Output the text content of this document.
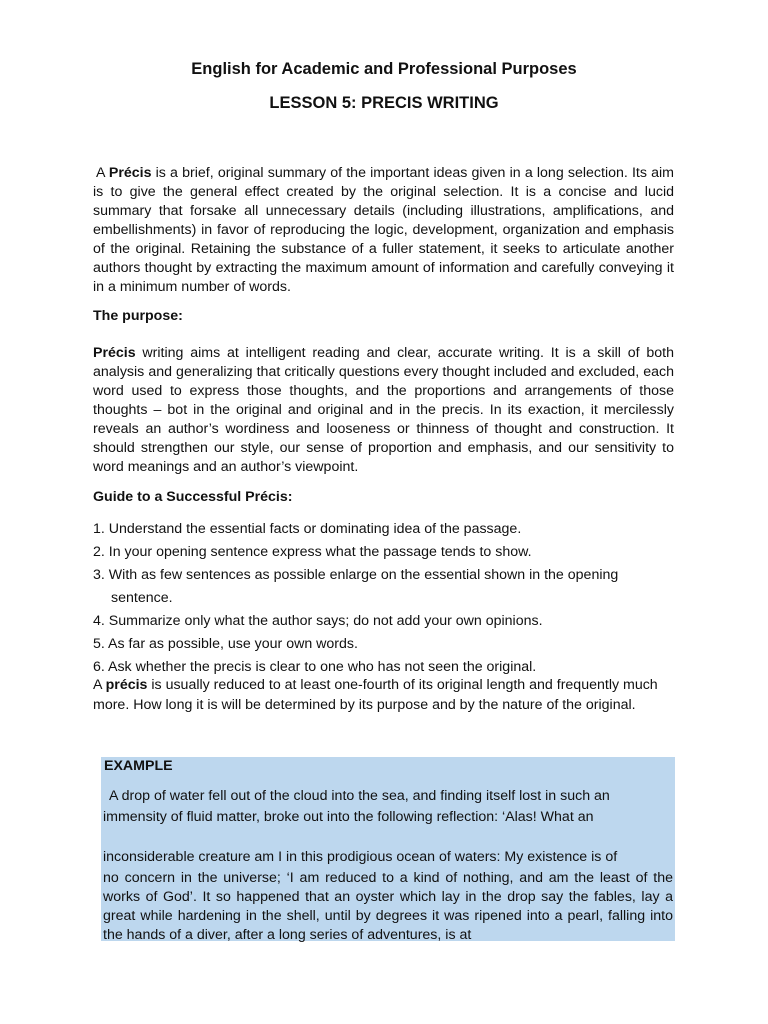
English for Academic and Professional Purposes
LESSON 5: PRECIS WRITING

A Précis is a brief, original summary of the important ideas given in a long selection. Its aim is to give the general effect created by the original selection. It is a concise and lucid summary that forsake all unnecessary details (including illustrations, amplifications, and embellishments) in favor of reproducing the logic, development, organization and emphasis of the original. Retaining the substance of a fuller statement, it seeks to articulate another authors thought by extracting the maximum amount of information and carefully conveying it in a minimum number of words.

The purpose:

Précis writing aims at intelligent reading and clear, accurate writing. It is a skill of both analysis and generalizing that critically questions every thought included and excluded, each word used to express those thoughts, and the proportions and arrangements of those thoughts – bot in the original and original and in the precis. In its exaction, it mercilessly reveals an author’s wordiness and looseness or thinness of thought and construction. It should strengthen our style, our sense of proportion and emphasis, and our sensitivity to word meanings and an author’s viewpoint.

Guide to a Successful Précis:

1. Understand the essential facts or dominating idea of the passage.
2. In your opening sentence express what the passage tends to show.
3. With as few sentences as possible enlarge on the essential shown in the opening sentence.
4. Summarize only what the author says; do not add your own opinions.
5. As far as possible, use your own words.
6. Ask whether the precis is clear to one who has not seen the original.

A précis is usually reduced to at least one-fourth of its original length and frequently much more. How long it is will be determined by its purpose and by the nature of the original.

EXAMPLE

A drop of water fell out of the cloud into the sea, and finding itself lost in such an

immensity of fluid matter, broke out into the following reflection: ‘Alas! What an

inconsiderable creature am I in this prodigious ocean of waters: My existence is of

no concern in the universe; ‘I am reduced to a kind of nothing, and am the least of the works of God’. It so happened that an oyster which lay in the drop say the fables, lay a great while hardening in the shell, until by degrees it was ripened into a pearl, falling into the hands of a diver, after a long series of adventures, is at
